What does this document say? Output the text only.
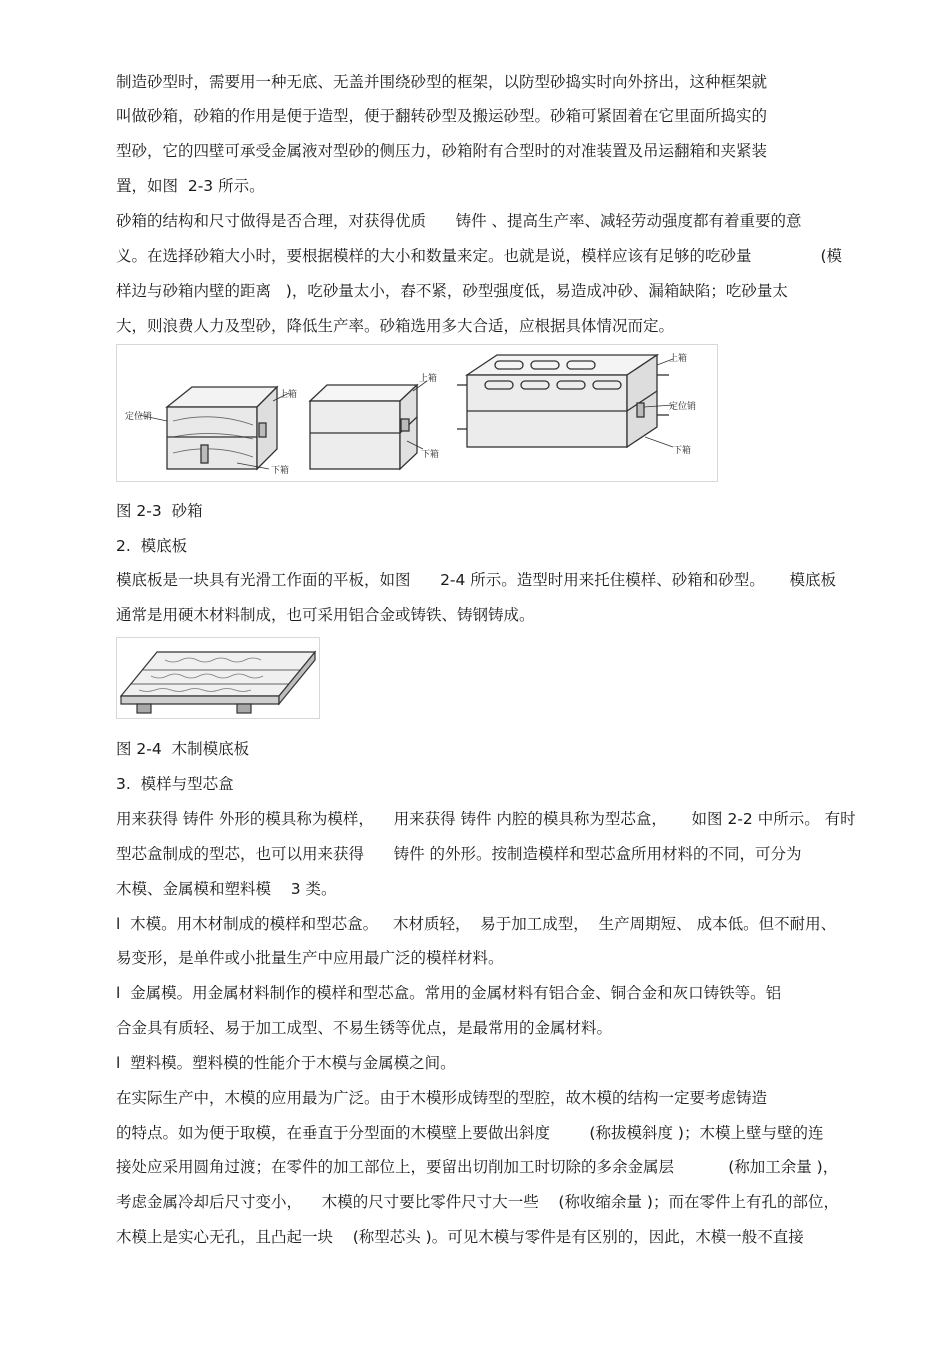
制造砂型时，需要用一种无底、无盖并围绕砂型的框架，以防型砂捣实时向外挤出，这种框架就
叫做砂箱，砂箱的作用是便于造型，便于翻转砂型及搬运砂型。砂箱可紧固着在它里面所捣实的
型砂，它的四壁可承受金属液对型砂的侧压力，砂箱附有合型时的对准装置及吊运翻箱和夹紧装
置，如图  2-3 所示。
砂箱的结构和尺寸做得是否合理，对获得优质      铸件 、提高生产率、减轻劳动强度都有着重要的意
义。在选择砂箱大小时，要根据模样的大小和数量来定。也就是说，模样应该有足够的吃砂量              (模
样边与砂箱内壁的距离   )，吃砂量太小，舂不紧，砂型强度低，易造成冲砂、漏箱缺陷；吃砂量太
大，则浪费人力及型砂，降低生产率。砂箱选用多大合适，应根据具体情况而定。
定位销
上箱
下箱
上箱
下箱
上箱
定位销
下箱
图 2-3  砂箱
2.  模底板
模底板是一块具有光滑工作面的平板，如图      2-4 所示。造型时用来托住模样、砂箱和砂型。     模底板
通常是用硬木材料制成，也可采用铝合金或铸铁、铸钢铸成。
图 2-4  木制模底板
3.  模样与型芯盒
用来获得 铸件 外形的模具称为模样，    用来获得 铸件 内腔的模具称为型芯盒，     如图 2-2 中所示。 有时
型芯盒制成的型芯，也可以用来获得      铸件 的外形。按制造模样和型芯盒所用材料的不同，可分为
木模、金属模和塑料模    3 类。
l  木模。用木材制成的模样和型芯盒。   木材质轻，  易于加工成型，  生产周期短、 成本低。但不耐用、
易变形，是单件或小批量生产中应用最广泛的模样材料。
l  金属模。用金属材料制作的模样和型芯盒。常用的金属材料有铝合金、铜合金和灰口铸铁等。铝
合金具有质轻、易于加工成型、不易生锈等优点，是最常用的金属材料。
l  塑料模。塑料模的性能介于木模与金属模之间。
在实际生产中，木模的应用最为广泛。由于木模形成铸型的型腔，故木模的结构一定要考虑铸造
的特点。如为便于取模，在垂直于分型面的木模壁上要做出斜度        (称拔模斜度 )；木模上壁与壁的连
接处应采用圆角过渡；在零件的加工部位上，要留出切削加工时切除的多余金属层           (称加工余量 )，
考虑金属冷却后尺寸变小，    木模的尺寸要比零件尺寸大一些    (称收缩余量 )；而在零件上有孔的部位，
木模上是实心无孔，且凸起一块    (称型芯头 )。可见木模与零件是有区别的，因此，木模一般不直接
